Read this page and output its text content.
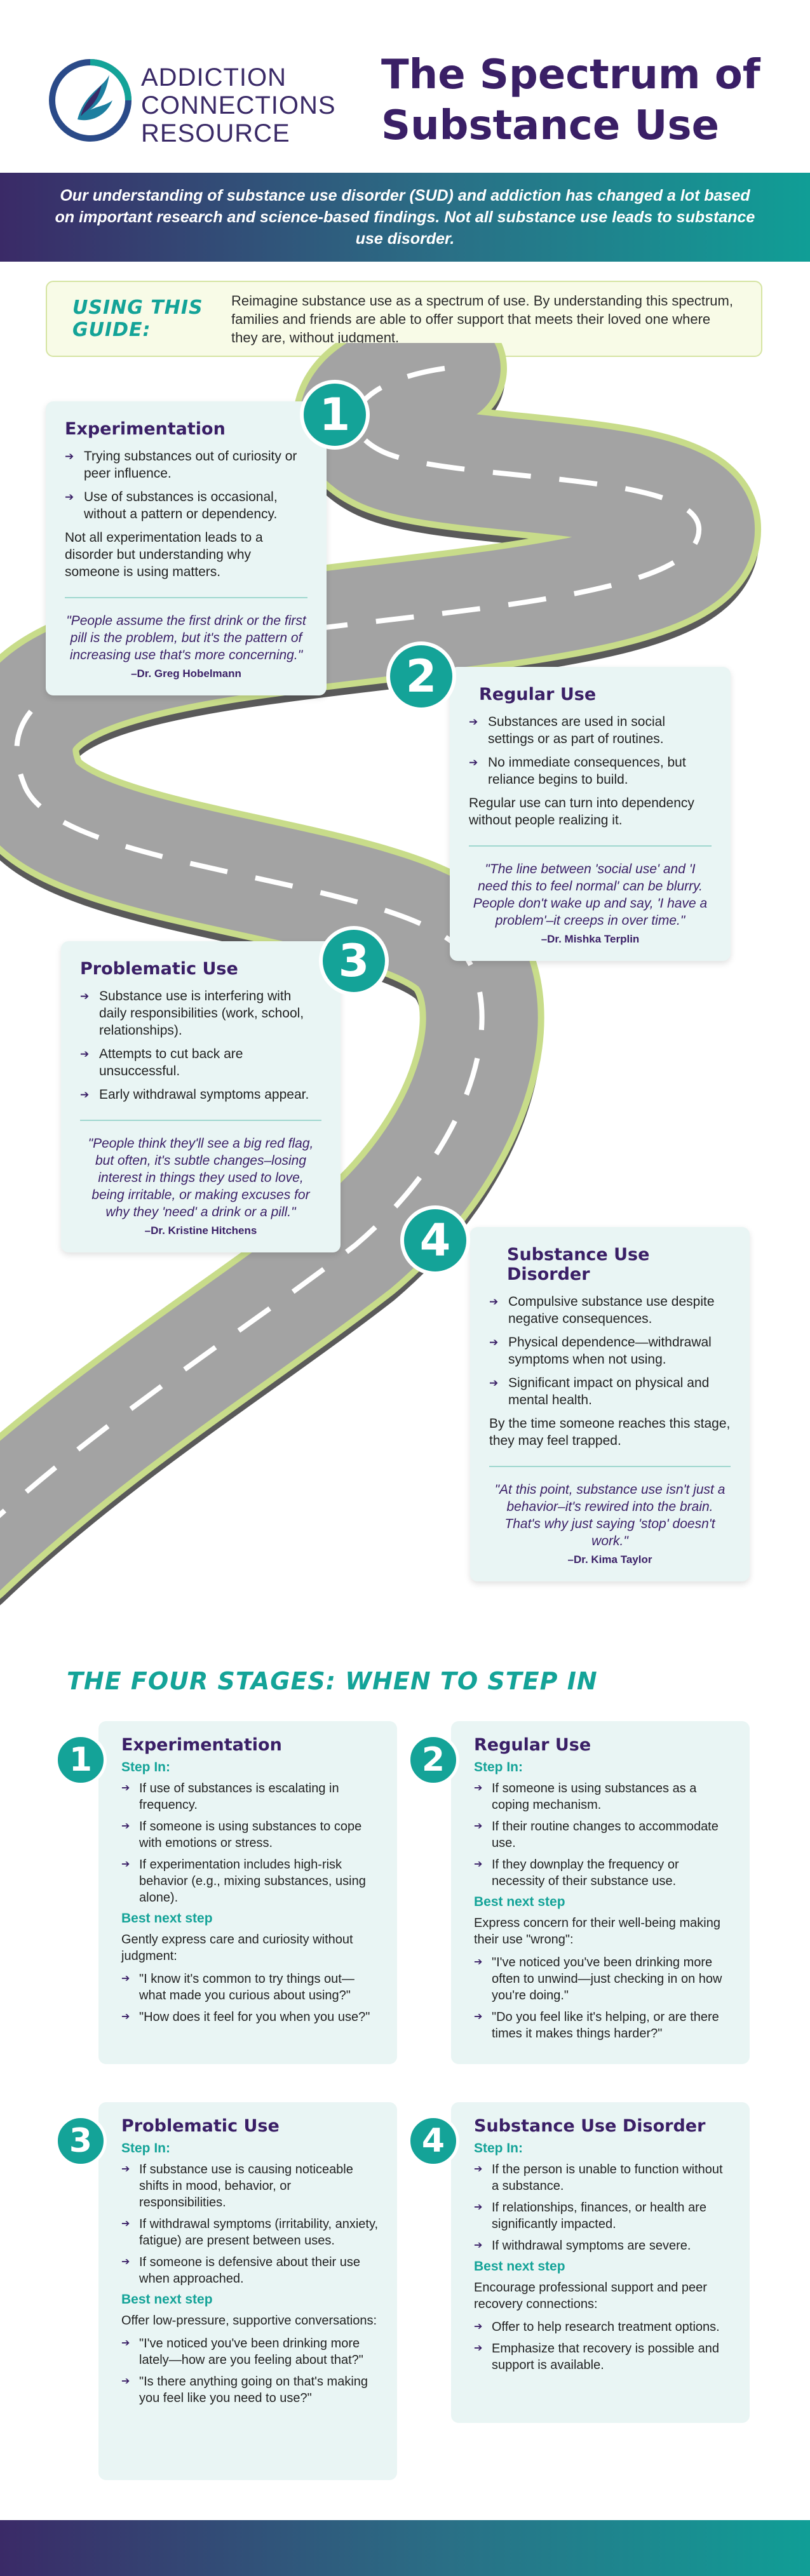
ADDICTION
CONNECTIONS
RESOURCE
The Spectrum of
Substance Use

Our understanding of substance use disorder (SUD) and addiction has changed a lot based on important research and science-based findings. Not all substance use leads to substance use disorder.

USING THIS GUIDE:
Reimagine substance use as a spectrum of use. By understanding this spectrum, families and friends are able to offer support that meets their loved one where they are, without judgment.
Experimentation
➔ Trying substances out of curiosity or peer influence.
➔ Use of substances is occasional, without a pattern or dependency.

Not all experimentation leads to a disorder but understanding why someone is using matters.

"People assume the first drink or the first pill is the problem, but it's the pattern of increasing use that's more concerning."

–Dr. Greg Hobelmann

1
Regular Use
➔ Substances are used in social settings or as part of routines.
➔ No immediate consequences, but reliance begins to build.

Regular use can turn into dependency without people realizing it.

"The line between 'social use' and 'I need this to feel normal' can be blurry. People don't wake up and say, 'I have a problem'–it creeps in over time."

–Dr. Mishka Terplin

2
Problematic Use
➔ Substance use is interfering with daily responsibilities (work, school, relationships).
➔ Attempts to cut back are unsuccessful.
➔ Early withdrawal symptoms appear.

"People think they'll see a big red flag, but often, it's subtle changes–losing interest in things they used to love, being irritable, or making excuses for why they 'need' a drink or a pill."

–Dr. Kristine Hitchens

3
Substance Use Disorder
➔ Compulsive substance use despite negative consequences.
➔ Physical dependence—withdrawal symptoms when not using.
➔ Significant impact on physical and mental health.

By the time someone reaches this stage, they may feel trapped.

"At this point, substance use isn't just a behavior–it's rewired into the brain. That's why just saying 'stop' doesn't work."

–Dr. Kima Taylor

4
THE FOUR STAGES: WHEN TO STEP IN
Experimentation
Step In:
➔ If use of substances is escalating in frequency.
➔ If someone is using substances to cope with emotions or stress.
➔ If experimentation includes high-risk behavior (e.g., mixing substances, using alone).
Best next step

Gently express care and curiosity without judgment:

➔ "I know it's common to try things out—what made you curious about using?"
➔ "How does it feel for you when you use?"
1	Regular Use
Step In:
➔ If someone is using substances as a coping mechanism.
➔ If their routine changes to accommodate use.
➔ If they downplay the frequency or necessity of their substance use.
Best next step

Express concern for their well-being making their use "wrong":

➔ "I've noticed you've been drinking more often to unwind—just checking in on how you're doing."
➔ "Do you feel like it's helping, or are there times it makes things harder?"
2
Problematic Use
Step In:
➔ If substance use is causing noticeable shifts in mood, behavior, or responsibilities.
➔ If withdrawal symptoms (irritability, anxiety, fatigue) are present between uses.
➔ If someone is defensive about their use when approached.
Best next step

Offer low-pressure, supportive conversations:

➔ "I've noticed you've been drinking more lately—how are you feeling about that?"
➔ "Is there anything going on that's making you feel like you need to use?"
3	Substance Use Disorder
Step In:
➔ If the person is unable to function without a substance.
➔ If relationships, finances, or health are significantly impacted.
➔ If withdrawal symptoms are severe.
Best next step

Encourage professional support and peer recovery connections:

➔ Offer to help research treatment options.
➔ Emphasize that recovery is possible and support is available.
4
